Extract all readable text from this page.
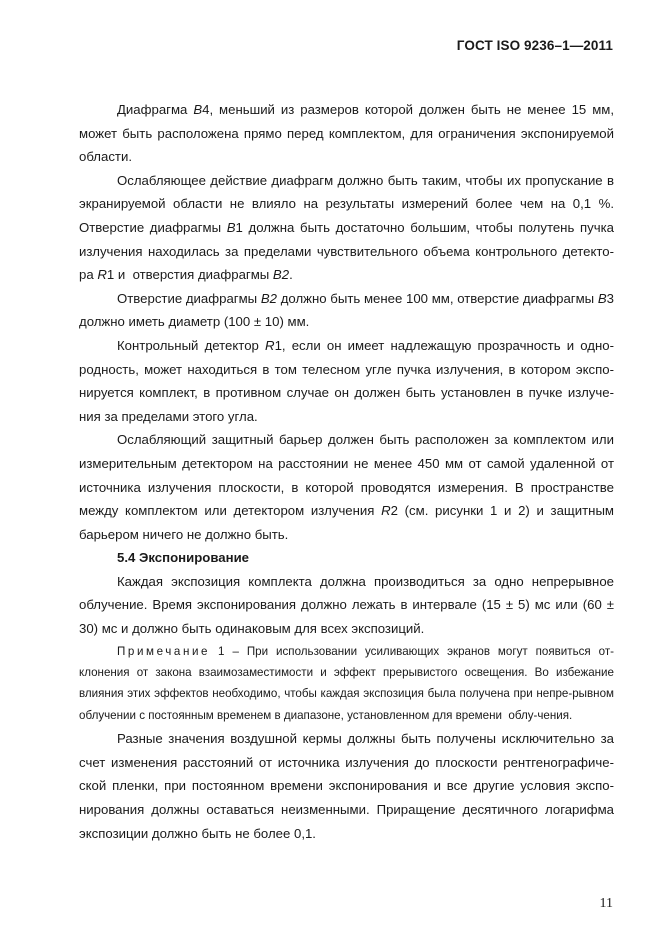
ГОСТ ISO 9236–1—2011

Диафрагма В4, меньший из размеров которой должен быть не менее 15 мм, может быть расположена прямо перед комплектом, для ограничения экспонируемой области.

Ослабляющее действие диафрагм должно быть таким, чтобы их пропускание в экранируемой области не влияло на результаты измерений более чем на 0,1 %. Отверстие диафрагмы В1 должна быть достаточно большим, чтобы полутень пучка излучения находилась за пределами чувствительного объема контрольного детекто-ра R1 и  отверстия диафрагмы В2.

Отверстие диафрагмы В2 должно быть менее 100 мм, отверстие диафрагмы В3 должно иметь диаметр (100 ± 10) мм.

Контрольный детектор R1, если он имеет надлежащую прозрачность и одно-родность, может находиться в том телесном угле пучка излучения, в котором экспо-нируется комплект, в противном случае он должен быть установлен в пучке излуче-ния за пределами этого угла.

Ослабляющий защитный барьер должен быть расположен за комплектом или измерительным детектором на расстоянии не менее 450 мм от самой удаленной от источника излучения плоскости, в которой проводятся измерения. В пространстве между комплектом или детектором излучения R2 (см. рисунки 1 и 2) и защитным барьером ничего не должно быть.

5.4 Экспонирование

Каждая экспозиция комплекта должна производиться за одно непрерывное облучение. Время экспонирования должно лежать в интервале (15 ± 5) мс или (60 ± 30) мс и должно быть одинаковым для всех экспозиций.

Примечание 1 – При использовании усиливающих экранов могут появиться от-клонения от закона взаимозаместимости и эффект прерывистого освещения. Во избежание влияния этих эффектов необходимо, чтобы каждая экспозиция была получена при непре-рывном облучении с постоянным временем в диапазоне, установленном для времени  облу-чения.

Разные значения воздушной кермы должны быть получены исключительно за счет изменения расстояний от источника излучения до плоскости рентгенографиче-ской пленки, при постоянном времени экспонирования и все другие условия экспо-нирования должны оставаться неизменными. Приращение десятичного логарифма экспозиции должно быть не более 0,1.

11
